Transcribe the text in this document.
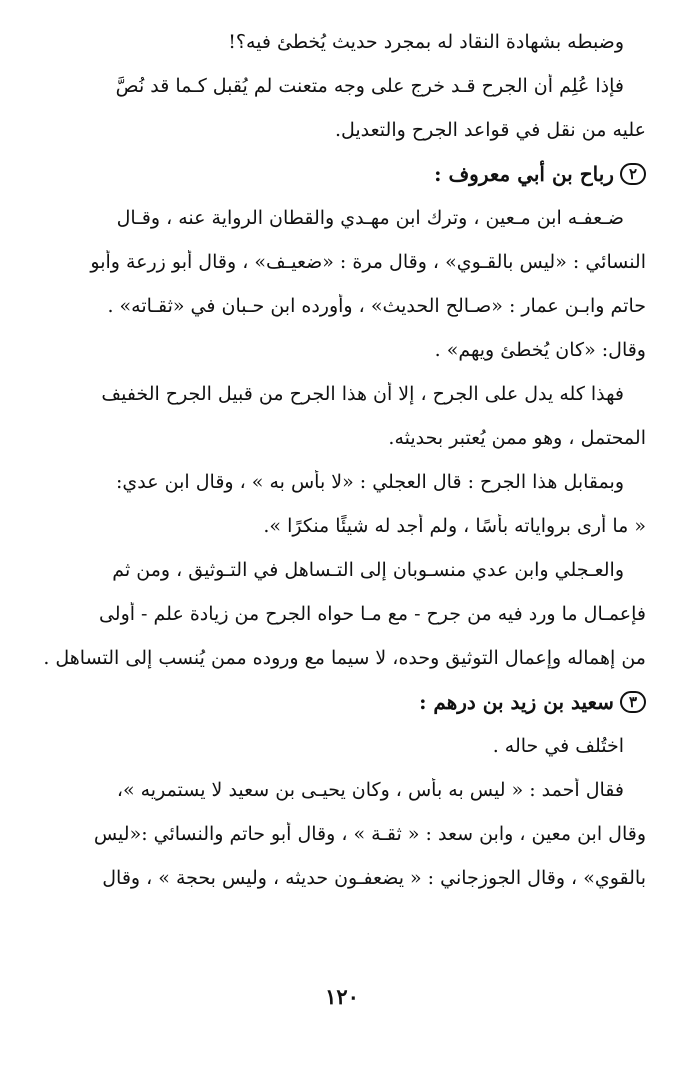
وضبطه بشهادة النقاد له بمجرد حديث يُخطئ فيه؟!
فإذا عُلِم أن الجرح قـد خرج على وجه متعنت لم يُقبل كـما قد نُصَّ
عليه من نقل في قواعد الجرح والتعديل.
٢رباح بن أبي معروف :
ضـعفـه ابن مـعين ، وترك ابن مهـدي والقطان الرواية عنه ، وقـال
النسائي : «ليس بالقـوي» ، وقال مرة : «ضعيـف» ، وقال أبو زرعة وأبو
حاتم وابـن عمار : «صـالح الحديث» ، وأورده ابن حـبان في «ثقـاته» .
وقال: «كان يُخطئ ويهم» .
فهذا كله يدل على الجرح ، إلا أن هذا الجرح من قبيل الجرح الخفيف
المحتمل ، وهو ممن يُعتبر بحديثه.
وبمقابل هذا الجرح : قال العجلي : «لا بأس به » ، وقال ابن عدي:
« ما أرى برواياته بأسًا ، ولم أجد له شيئًا منكرًا ».
والعـجلي وابن عدي منسـوبان إلى التـساهل في التـوثيق ، ومن ثم
فإعمـال ما ورد فيه من جرح - مع مـا حواه الجرح من زيادة علم - أولى
من إهماله وإعمال التوثيق وحده، لا سيما مع وروده ممن يُنسب إلى التساهل .
٣سعيد بن زيد بن درهم :
اختُلف في حاله .
فقال أحمد : « ليس به بأس ، وكان يحيـى بن سعيد لا يستمريه »،
وقال ابن معين ، وابن سعد : « ثقـة » ، وقال أبو حاتم والنسائي :«ليس
بالقوي» ، وقال الجوزجاني : « يضعفـون حديثه ، وليس بحجة » ، وقال
١٢٠
